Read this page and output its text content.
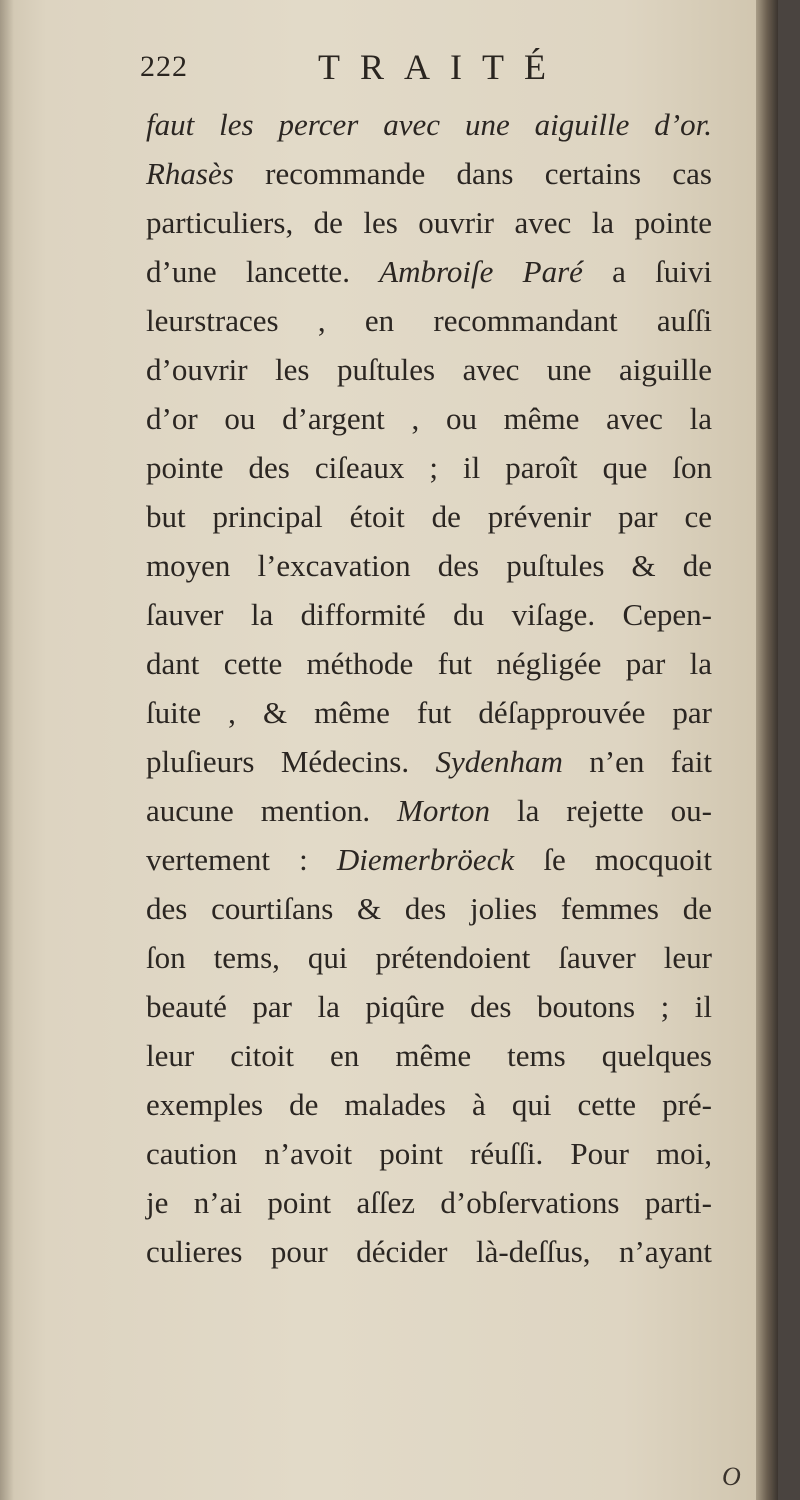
222	TRAITÉ
faut les percer avec une aiguille d’or.
Rhasès recommande dans certains cas
particuliers, de les ouvrir avec la pointe
d’une lancette. Ambroiſe Paré a ſuivi
leurstraces , en recommandant auſſi
d’ouvrir les puſtules avec une aiguille
d’or ou d’argent , ou même avec la
pointe des ciſeaux ; il paroît que ſon
but principal étoit de prévenir par ce
moyen l’excavation des puſtules & de
ſauver la difformité du viſage. Cepen-
dant cette méthode fut négligée par la
ſuite , & même fut déſapprouvée par
pluſieurs Médecins. Sydenham n’en fait
aucune mention. Morton la rejette ou-
vertement : Diemerbröeck ſe mocquoit
des courtiſans & des jolies femmes de
ſon tems, qui prétendoient ſauver leur
beauté par la piqûre des boutons ; il
leur citoit en même tems quelques
exemples de malades à qui cette pré-
caution n’avoit point réuſſi. Pour moi,
je n’ai point aſſez d’obſervations parti-
culieres pour décider là-deſſus, n’ayant
O
